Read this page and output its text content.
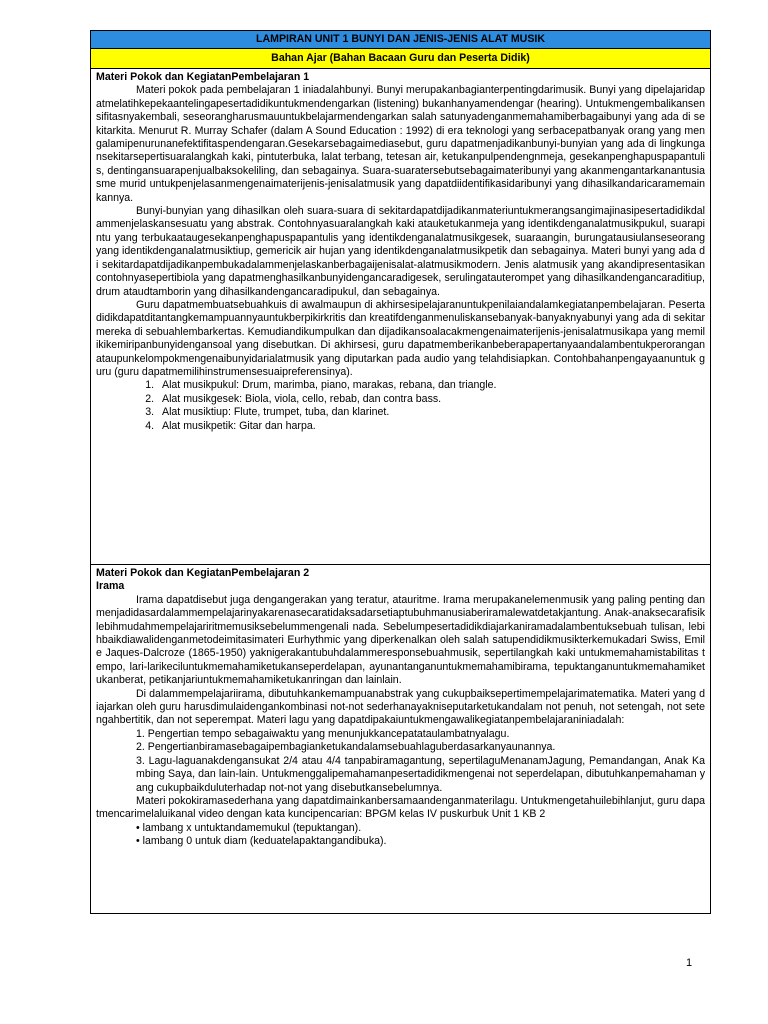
LAMPIRAN UNIT 1 BUNYI DAN JENIS-JENIS ALAT MUSIK
Bahan Ajar (Bahan Bacaan Guru dan Peserta Didik)

Materi Pokok dan KegiatanPembelajaran 1

Materi pokok pada pembelajaran 1 iniadalahbunyi. Bunyi merupakanbagianterpentingdarimusik. Bunyi yang dipelajaridapatmelatihkepekaantelingapesertadidikuntukmendengarkan (listening) bukanhanyamendengar (hearing). Untukmengembalikansensifitasnyakembali, seseorangharusmauuntukbelajarmendengarkan salah satunyadenganmemahamiberbagaibunyi yang ada di sekitarkita. Menurut R. Murray Schafer (dalam A Sound Education : 1992) di era teknologi yang serbacepatbanyak orang yang mengalamipenurunanefektifitaspendengaran.Gesekarsebagaimediasebut, guru dapatmenjadikanbunyi-bunyian yang ada di lingkungansekitarsepertisuaralangkah kaki, pintuterbuka, lalat terbang, tetesan air, ketukanpulpendengnmeja, gesekanpenghapuspapantulis, dentingansuarapenjualbaksokeliling, dan sebagainya. Suara-suaratersebutsebagaimateribunyi yang akanmengantarkanantusiasme murid untukpenjelasanmengenaimaterijenis-jenisalatmusik yang dapatdiidentifikasidaribunyi yang dihasilkandaricaramemainkannya.

Bunyi-bunyian yang dihasilkan oleh suara-suara di sekitardapatdijadikanmateriuntukmerangsangimajinasipesertadidikdalammenjelaskansesuatu yang abstrak. Contohnyasuaralangkah kaki atauketukanmeja yang identikdenganalatmusikpukul, suarapintu yang terbukaataugesekanpenghapuspapantulis yang identikdenganalatmusikgesek, suaraangin, burungatausiulanseseorang yang identikdenganalatmusiktiup, gemericik air hujan yang identikdenganalatmusikpetik dan sebagainya. Materi bunyi yang ada di sekitardapatdijadikanpembukadalammenjelaskanberbagaijenisalat-alatmusikmodern. Jenis alatmusik yang akandipresentasikancontohnyasepertibiola yang dapatmenghasilkanbunyidengancaradigesek, serulingatauterompet yang dihasilkandengancaraditiup, drum ataudtamborin yang dihasilkandengancaradipukul, dan sebagainya.

Guru dapatmembuatsebuahkuis di awalmaupun di akhirsesipelajaranuntukpenilaiandalamkegiatanpembelajaran. Pesertadidikdapatditantangkemampuannyauntukberpikirkritis dan kreatifdenganmenuliskansebanyak-banyaknyabunyi yang ada di sekitarmereka di sebuahlembarkertas. Kemudiandikumpulkan dan dijadikansoalacakmengenaimaterijenis-jenisalatmusikapa yang memilikikemiripanbunyidengansoal yang disebutkan. Di akhirsesi, guru dapatmemberikanbeberapapertanyaandalambentukperoranganataupunkelompokmengenaibunyidarialatmusik yang diputarkan pada audio yang telahdisiapkan. Contohbahanpengayaanuntuk guru (guru dapatmemilihinstrumensesuaipreferensinya).

1. Alat musikpukul: Drum, marimba, piano, marakas, rebana, dan triangle.
2. Alat musikgesek: Biola, viola, cello, rebab, dan contra bass.
3. Alat musiktiup: Flute, trumpet, tuba, dan klarinet.
4. Alat musikpetik: Gitar dan harpa.

Materi Pokok dan KegiatanPembelajaran 2
Irama

Irama dapatdisebut juga dengangerakan yang teratur, atauritme. Irama merupakanelemenmusik yang paling penting dan menjadidasardalammempelajarinyakarenasecaratidaksadarsetiaptubuhmanusiaberiramalewatdetakjantung. Anak-anaksecarafisiklebihmudahmempelajariritmemusiksebelummengenali nada. Sebelumpesertadidikdiajarkaniramadalambentuksebuah tulisan, lebihbaikdiawalidenganmetodeimitasimateri Eurhythmic yang diperkenalkan oleh salah satupendidikmusikterkemukadari Swiss, Emile Jaques-Dalcroze (1865-1950) yaknigerakantubuhdalammeresponsebuahmusik, sepertilangkah kaki untukmemahamistabilitas tempo, lari-larikeciluntukmemahamiketukanseperdelapan, ayunantanganuntukmemahamibirama, tepuktanganuntukmemahamiketukanberat, petikanjariuntukmemahamiketukanringan dan lainlain.

Di dalammempelajariirama, dibutuhkankemampuanabstrak yang cukupbaiksepertimempelajarimatematika. Materi yang diajarkan oleh guru harusdimulaidengankombinasi not-not sederhanayakniseputarketukandalam not penuh, not setengah, not setengahbertitik, dan not seperempat. Materi lagu yang dapatdipakaiuntukmengawalikegiatanpembelajaraniniadalah:

1. Pengertian tempo sebagaiwaktu yang menunjukkancepatataulambatnyalagu.

2. Pengertianbiramasebagaipembagianketukandalamsebuahlaguberdasarkanyaunannya.

3. Lagu-laguanakdengansukat 2/4 atau 4/4 tanpabiramagantung, sepertilaguMenanamJagung, Pemandangan, Anak Kambing Saya, dan lain-lain. Untukmenggalipemahamanpesertadidikmengenai not seperdelapan, dibutuhkanpemahaman yang cukupbaikduluterhadap not-not yang disebutkansebelumnya.

Materi pokokiramasederhana yang dapatdimainkanbersamaandenganmaterilagu. Untukmengetahuilebihlanjut, guru dapatmencarimelaluikanal video dengan kata kuncipencarian: BPGM kelas IV puskurbuk Unit 1 KB 2

• lambang x untuktandamemukul (tepuktangan).

• lambang 0 untuk diam (keduatelapaktangandibuka).

1
